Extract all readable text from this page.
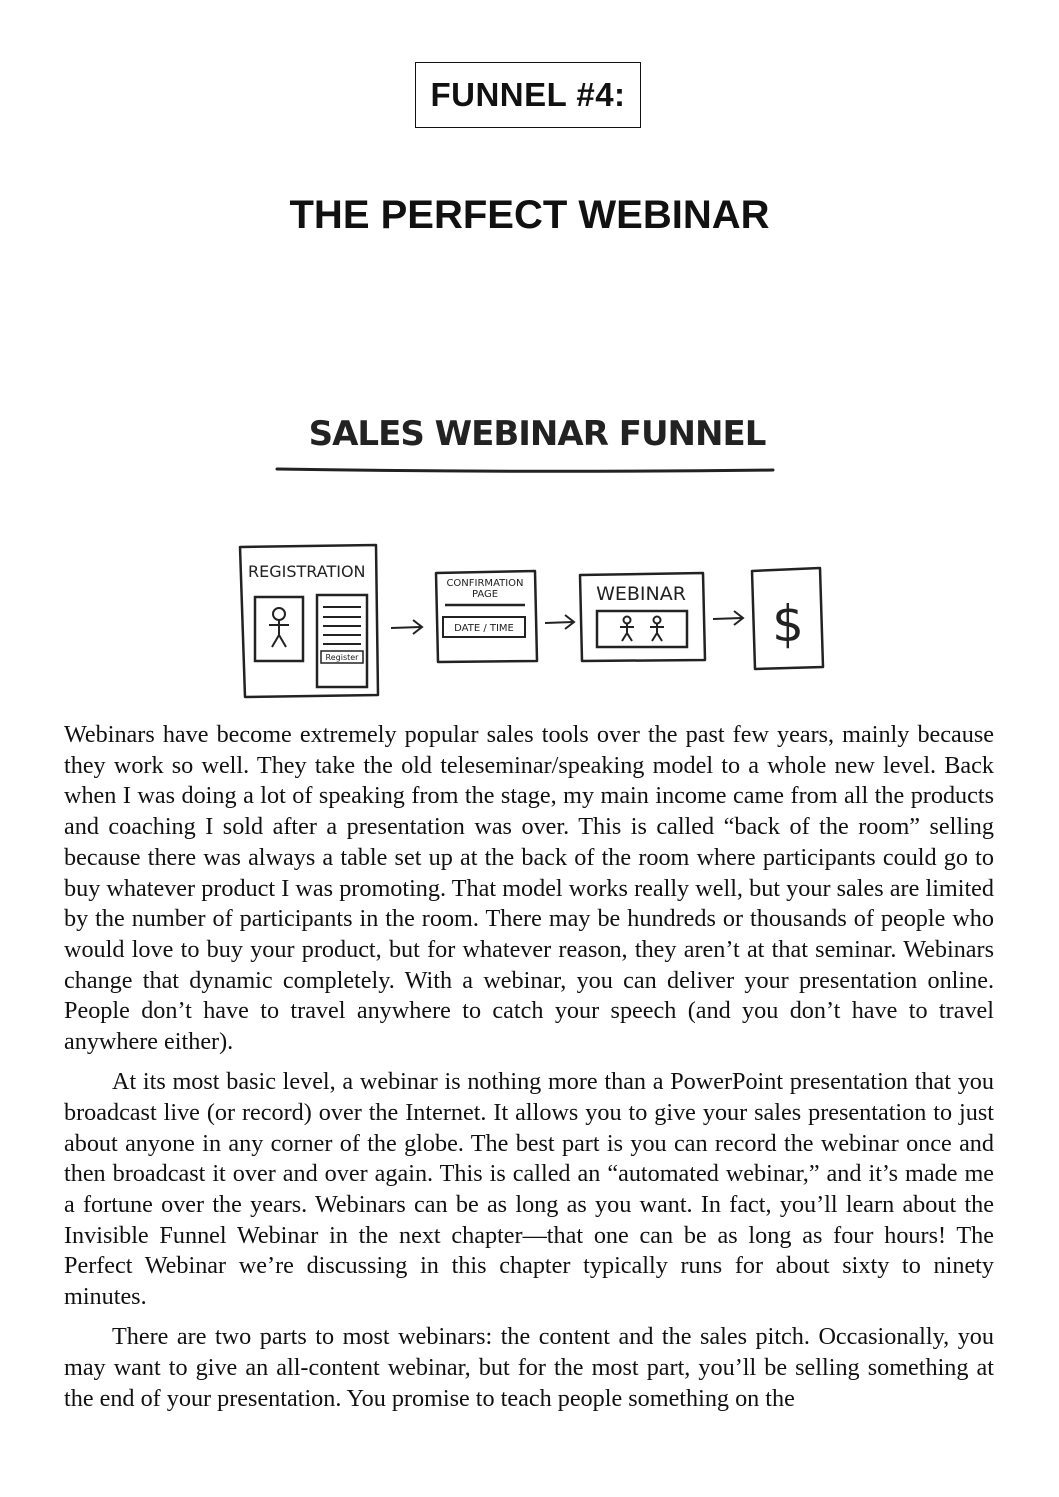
FUNNEL #4:
THE PERFECT WEBINAR
SALES WEBINAR FUNNEL
REGISTRATION
Register
CONFIRMATION
PAGE
DATE / TIME
WEBINAR
$

Webinars have become extremely popular sales tools over the past few years, mainly because they work so well. They take the old teleseminar/speaking model to a whole new level. Back when I was doing a lot of speaking from the stage, my main income came from all the products and coaching I sold after a presentation was over. This is called “back of the room” selling because there was always a table set up at the back of the room where participants could go to buy whatever product I was promoting. That model works really well, but your sales are limited by the number of participants in the room. There may be hundreds or thousands of people who would love to buy your product, but for whatever reason, they aren’t at that seminar. Webinars change that dynamic completely. With a webinar, you can deliver your presentation online. People don’t have to travel anywhere to catch your speech (and you don’t have to travel anywhere either).

At its most basic level, a webinar is nothing more than a PowerPoint presentation that you broadcast live (or record) over the Internet. It allows you to give your sales presentation to just about anyone in any corner of the globe. The best part is you can record the webinar once and then broadcast it over and over again. This is called an “automated webinar,” and it’s made me a fortune over the years. Webinars can be as long as you want. In fact, you’ll learn about the Invisible Funnel Webinar in the next chapter—that one can be as long as four hours! The Perfect Webinar we’re discussing in this chapter typically runs for about sixty to ninety minutes.

There are two parts to most webinars: the content and the sales pitch. Occasionally, you may want to give an all-content webinar, but for the most part, you’ll be selling something at the end of your presentation. You promise to teach people something on the
